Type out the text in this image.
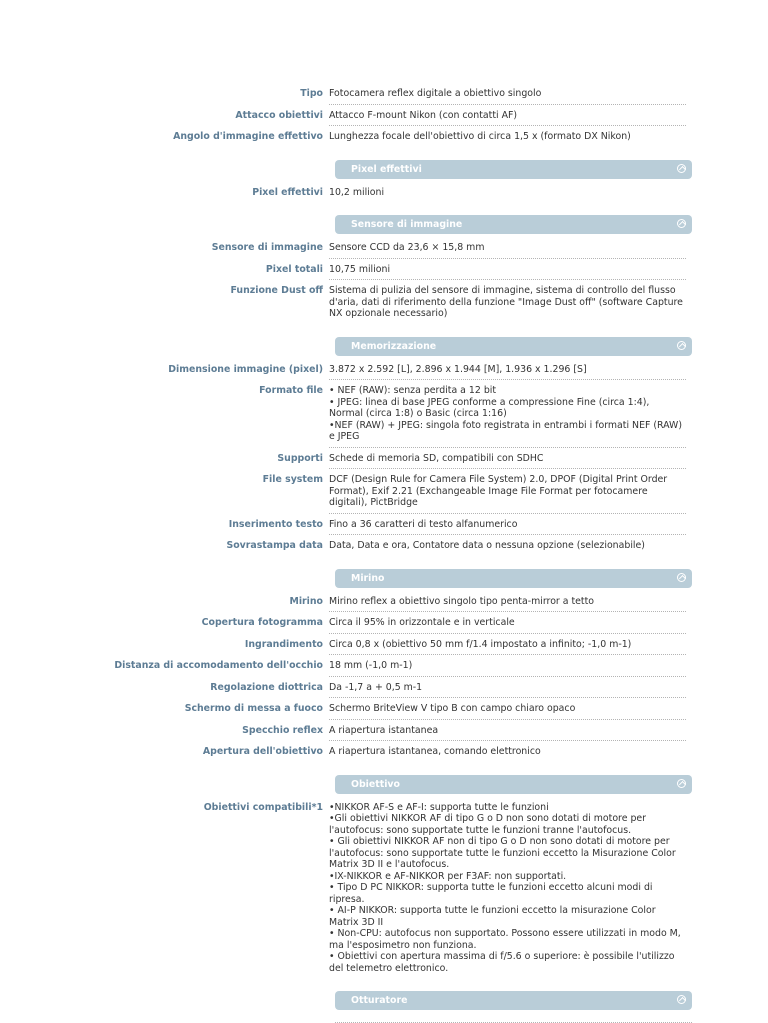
Tipo Fotocamera reflex digitale a obiettivo singolo
Attacco obiettivi Attacco F-mount Nikon (con contatti AF)
Angolo d'immagine effettivo Lunghezza focale dell'obiettivo di circa 1,5 x (formato DX Nikon)
Pixel effettivi
Pixel effettivi 10,2 milioni
Sensore di immagine
Sensore di immagine Sensore CCD da 23,6 × 15,8 mm
Pixel totali 10,75 milioni
Funzione Dust off Sistema di pulizia del sensore di immagine, sistema di controllo del flusso d'aria, dati di riferimento della funzione "Image Dust off" (software Capture NX opzionale necessario)
Memorizzazione
Dimensione immagine (pixel) 3.872 x 2.592 [L], 2.896 x 1.944 [M], 1.936 x 1.296 [S]
Formato file • NEF (RAW): senza perdita a 12 bit
• JPEG: linea di base JPEG conforme a compressione Fine (circa 1:4), Normal (circa 1:8) o Basic (circa 1:16)
•NEF (RAW) + JPEG: singola foto registrata in entrambi i formati NEF (RAW) e JPEG
Supporti Schede di memoria SD, compatibili con SDHC
File system DCF (Design Rule for Camera File System) 2.0, DPOF (Digital Print Order Format), Exif 2.21 (Exchangeable Image File Format per fotocamere digitali), PictBridge
Inserimento testo Fino a 36 caratteri di testo alfanumerico
Sovrastampa data Data, Data e ora, Contatore data o nessuna opzione (selezionabile)
Mirino
Mirino Mirino reflex a obiettivo singolo tipo penta-mirror a tetto
Copertura fotogramma Circa il 95% in orizzontale e in verticale
Ingrandimento Circa 0,8 x (obiettivo 50 mm f/1.4 impostato a infinito; -1,0 m-1)
Distanza di accomodamento dell'occhio 18 mm (-1,0 m-1)
Regolazione diottrica Da -1,7 a + 0,5 m-1
Schermo di messa a fuoco Schermo BriteView V tipo B con campo chiaro opaco
Specchio reflex A riapertura istantanea
Apertura dell'obiettivo A riapertura istantanea, comando elettronico
Obiettivo
Obiettivi compatibili*1 •NIKKOR AF-S e AF-I: supporta tutte le funzioni
•Gli obiettivi NIKKOR AF di tipo G o D non sono dotati di motore per l'autofocus: sono supportate tutte le funzioni tranne l'autofocus.
• Gli obiettivi NIKKOR AF non di tipo G o D non sono dotati di motore per l'autofocus: sono supportate tutte le funzioni eccetto la Misurazione Color Matrix 3D II e l'autofocus.
•IX-NIKKOR e AF-NIKKOR per F3AF: non supportati.
• Tipo D PC NIKKOR: supporta tutte le funzioni eccetto alcuni modi di ripresa.
• AI-P NIKKOR: supporta tutte le funzioni eccetto la misurazione Color Matrix 3D II
• Non-CPU: autofocus non supportato. Possono essere utilizzati in modo M, ma l'esposimetro non funziona.
• Obiettivi con apertura massima di f/5.6 o superiore: è possibile l'utilizzo del telemetro elettronico.
Otturatore
